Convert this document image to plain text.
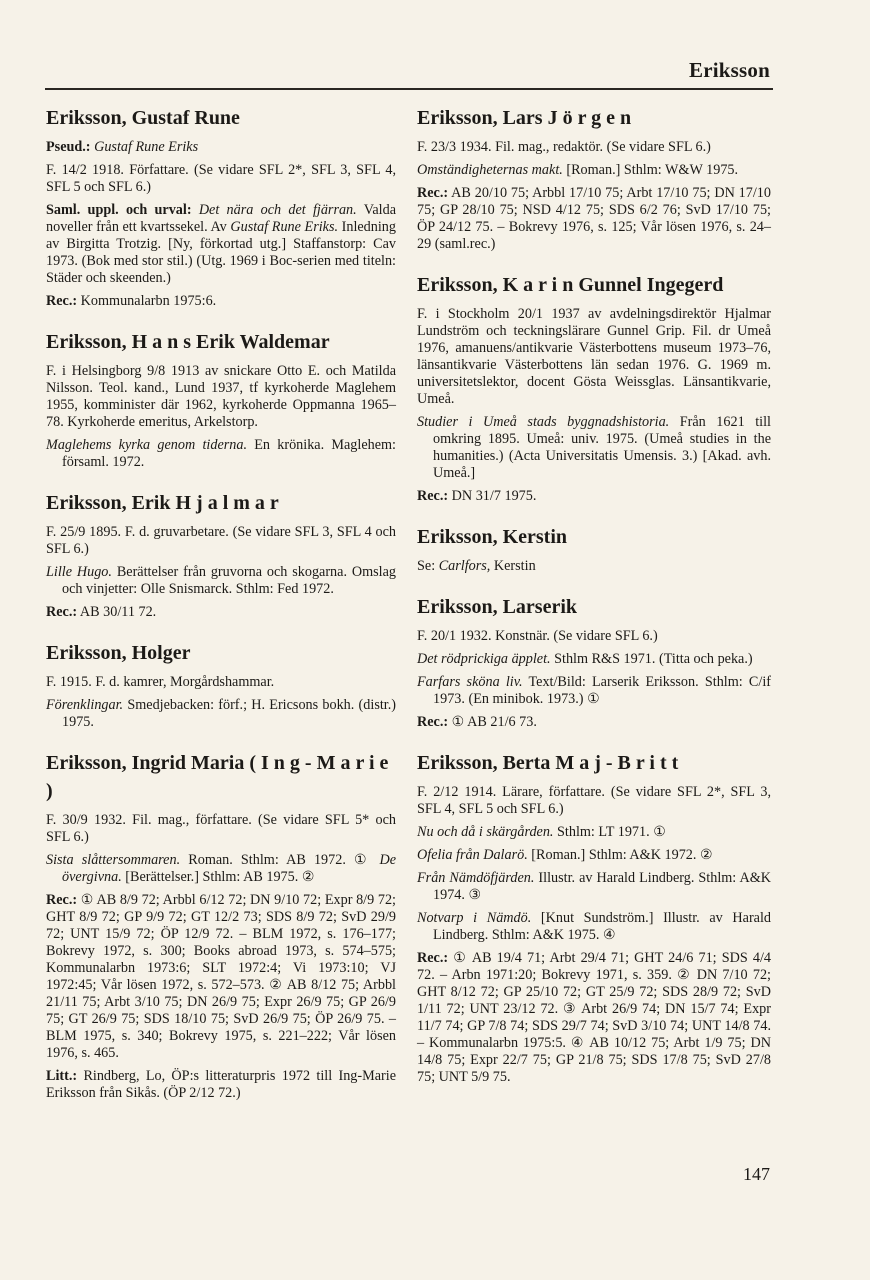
Eriksson
Eriksson, Gustaf Rune

Pseud.: Gustaf Rune Eriks

F. 14/2 1918. Författare. (Se vidare SFL 2*, SFL 3, SFL 4, SFL 5 och SFL 6.)

Saml. uppl. och urval: Det nära och det fjärran. Valda noveller från ett kvartssekel. Av Gustaf Rune Eriks. Inledning av Birgitta Trotzig. [Ny, förkortad utg.] Staffanstorp: Cav 1973. (Bok med stor stil.) (Utg. 1969 i Boc-serien med titeln: Städer och skeenden.)

Rec.: Kommunalarbn 1975:6.

Eriksson, H a n s Erik Waldemar

F. i Helsingborg 9/8 1913 av snickare Otto E. och Matilda Nilsson. Teol. kand., Lund 1937, tf kyrkoherde Maglehem 1955, komminister där 1962, kyrkoherde Oppmanna 1965–78. Kyrkoherde emeritus, Arkelstorp.

Maglehems kyrka genom tiderna. En krönika. Maglehem: församl. 1972.

Eriksson, Erik H j a l m a r

F. 25/9 1895. F. d. gruvarbetare. (Se vidare SFL 3, SFL 4 och SFL 6.)

Lille Hugo. Berättelser från gruvorna och skogarna. Omslag och vinjetter: Olle Snismarck. Sthlm: Fed 1972.

Rec.: AB 30/11 72.

Eriksson, Holger

F. 1915. F. d. kamrer, Morgårdshammar.

Förenklingar. Smedjebacken: förf.; H. Ericsons bokh. (distr.) 1975.

Eriksson, Ingrid Maria ( I n g - M a r i e )

F. 30/9 1932. Fil. mag., författare. (Se vidare SFL 5* och SFL 6.)

Sista slåttersommaren. Roman. Sthlm: AB 1972. ① De övergivna. [Berättelser.] Sthlm: AB 1975. ②

Rec.: ① AB 8/9 72; Arbbl 6/12 72; DN 9/10 72; Expr 8/9 72; GHT 8/9 72; GP 9/9 72; GT 12/2 73; SDS 8/9 72; SvD 29/9 72; UNT 15/9 72; ÖP 12/9 72. – BLM 1972, s. 176–177; Bokrevy 1972, s. 300; Books abroad 1973, s. 574–575; Kommunalarbn 1973:6; SLT 1972:4; Vi 1973:10; VJ 1972:45; Vår lösen 1972, s. 572–573. ② AB 8/12 75; Arbbl 21/11 75; Arbt 3/10 75; DN 26/9 75; Expr 26/9 75; GP 26/9 75; GT 26/9 75; SDS 18/10 75; SvD 26/9 75; ÖP 26/9 75. – BLM 1975, s. 340; Bokrevy 1975, s. 221–222; Vår lösen 1976, s. 465.

Litt.: Rindberg, Lo, ÖP:s litteraturpris 1972 till Ing-Marie Eriksson från Sikås. (ÖP 2/12 72.)

Eriksson, Lars J ö r g e n

F. 23/3 1934. Fil. mag., redaktör. (Se vidare SFL 6.)

Omständigheternas makt. [Roman.] Sthlm: W&W 1975.

Rec.: AB 20/10 75; Arbbl 17/10 75; Arbt 17/10 75; DN 17/10 75; GP 28/10 75; NSD 4/12 75; SDS 6/2 76; SvD 17/10 75; ÖP 24/12 75. – Bokrevy 1976, s. 125; Vår lösen 1976, s. 24–29 (saml.rec.)

Eriksson, K a r i n Gunnel Ingegerd

F. i Stockholm 20/1 1937 av avdelningsdirektör Hjalmar Lundström och teckningslärare Gunnel Grip. Fil. dr Umeå 1976, amanuens/antikvarie Västerbottens museum 1973–76, länsantikvarie Västerbottens län sedan 1976. G. 1969 m. universitetslektor, docent Gösta Weissglas. Länsantikvarie, Umeå.

Studier i Umeå stads byggnadshistoria. Från 1621 till omkring 1895. Umeå: univ. 1975. (Umeå studies in the humanities.) (Acta Universitatis Umensis. 3.) [Akad. avh. Umeå.]

Rec.: DN 31/7 1975.

Eriksson, Kerstin

Se: Carlfors, Kerstin

Eriksson, Larserik

F. 20/1 1932. Konstnär. (Se vidare SFL 6.)

Det rödprickiga äpplet. Sthlm R&S 1971. (Titta och peka.)

Farfars sköna liv. Text/Bild: Larserik Eriksson. Sthlm: C/if 1973. (En minibok. 1973.) ①

Rec.: ① AB 21/6 73.

Eriksson, Berta M a j - B r i t t

F. 2/12 1914. Lärare, författare. (Se vidare SFL 2*, SFL 3, SFL 4, SFL 5 och SFL 6.)

Nu och då i skärgården. Sthlm: LT 1971. ①

Ofelia från Dalarö. [Roman.] Sthlm: A&K 1972. ②

Från Nämdöfjärden. Illustr. av Harald Lindberg. Sthlm: A&K 1974. ③

Notvarp i Nämdö. [Knut Sundström.] Illustr. av Harald Lindberg. Sthlm: A&K 1975. ④

Rec.: ① AB 19/4 71; Arbt 29/4 71; GHT 24/6 71; SDS 4/4 72. – Arbn 1971:20; Bokrevy 1971, s. 359. ② DN 7/10 72; GHT 8/12 72; GP 25/10 72; GT 25/9 72; SDS 28/9 72; SvD 1/11 72; UNT 23/12 72. ③ Arbt 26/9 74; DN 15/7 74; Expr 11/7 74; GP 7/8 74; SDS 29/7 74; SvD 3/10 74; UNT 14/8 74. – Kommunalarbn 1975:5. ④ AB 10/12 75; Arbt 1/9 75; DN 14/8 75; Expr 22/7 75; GP 21/8 75; SDS 17/8 75; SvD 27/8 75; UNT 5/9 75.

147
